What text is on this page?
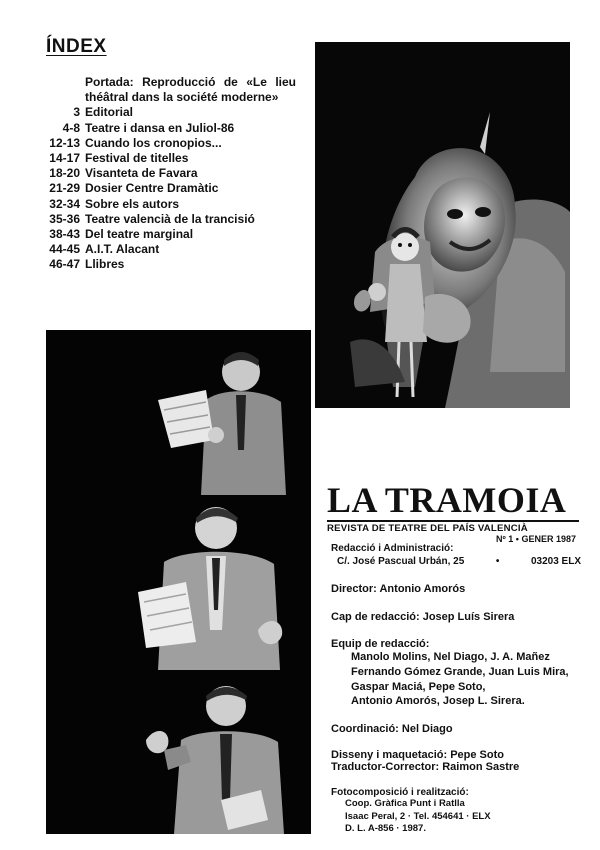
ÍNDEX
Portada: Reproducció de «Le lieu théâtral dans la société moderne»
3 Editorial
4-8 Teatre i dansa en Juliol-86
12-13 Cuando los cronopios...
14-17 Festival de titelles
18-20 Visanteta de Favara
21-29 Dosier Centre Dramàtic
32-34 Sobre els autors
35-36 Teatre valencià de la trancisió
38-43 Del teatre marginal
44-45 A.I.T. Alacant
46-47 Llibres
LA TRAMOIA
REVISTA DE TEATRE DEL PAÍS VALENCIÀ
Nº 1 • GENER 1987
Redacció i Administració:
C/. José Pascual Urbán, 25	•	03203 ELX
Director: Antonio Amorós
Cap de redacció: Josep Luís Sirera
Equip de redacció:
Manolo Molins, Nel Diago, J. A. Mañez
Fernando Gómez Grande, Juan Luis Mira,
Gaspar Maciá, Pepe Soto,
Antonio Amorós, Josep L. Sirera.
Coordinació: Nel Diago
Disseny i maquetació: Pepe Soto
Traductor-Corrector: Raimon Sastre
Fotocomposició i realització:
Coop. Gràfica Punt i Ratlla
Isaac Peral, 2 · Tel. 454641 · ELX
D. L. A-856 · 1987.
